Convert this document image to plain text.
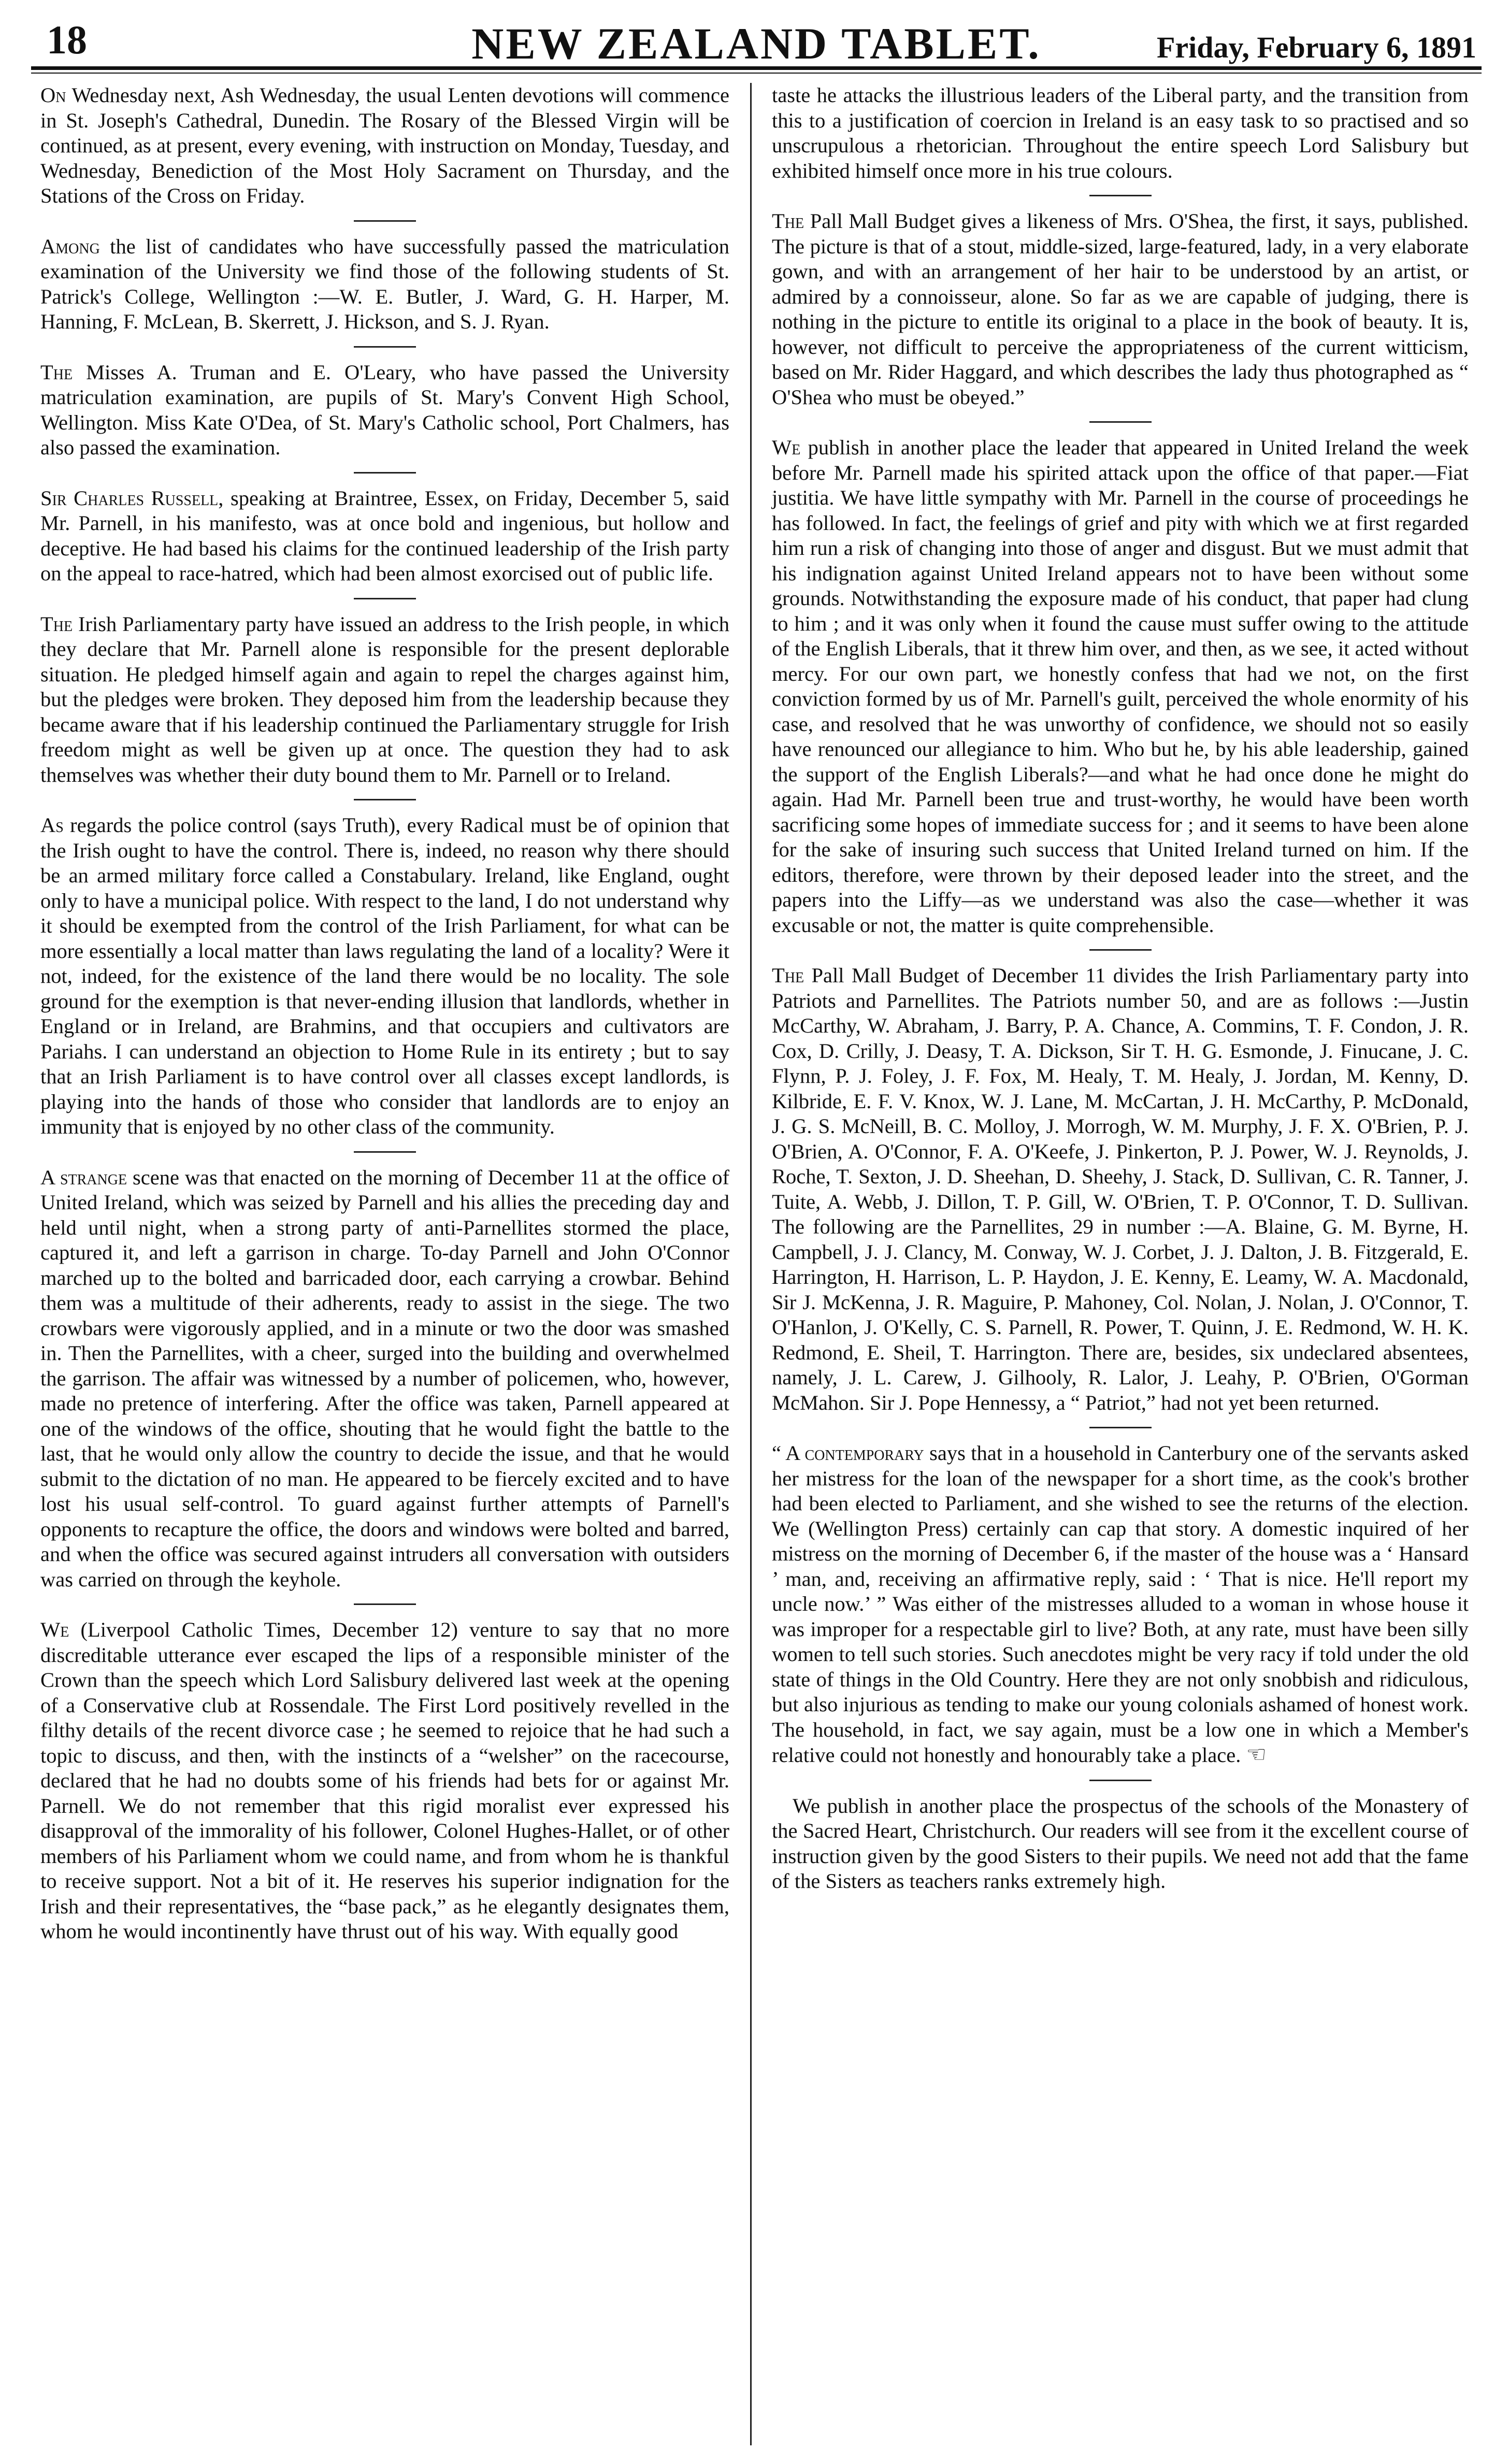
18	NEW ZEALAND TABLET.	Friday, February 6, 1891

On Wednesday next, Ash Wednesday, the usual Lenten devotions will commence in St. Joseph's Cathedral, Dunedin. The Rosary of the Blessed Virgin will be continued, as at present, every evening, with instruction on Monday, Tuesday, and Wednesday, Benediction of the Most Holy Sacrament on Thursday, and the Stations of the Cross on Friday.

Among the list of candidates who have successfully passed the matriculation examination of the University we find those of the following students of St. Patrick's College, Wellington :—W. E. Butler, J. Ward, G. H. Harper, M. Hanning, F. McLean, B. Skerrett, J. Hickson, and S. J. Ryan.

The Misses A. Truman and E. O'Leary, who have passed the University matriculation examination, are pupils of St. Mary's Convent High School, Wellington. Miss Kate O'Dea, of St. Mary's Catholic school, Port Chalmers, has also passed the examination.

Sir Charles Russell, speaking at Braintree, Essex, on Friday, December 5, said Mr. Parnell, in his manifesto, was at once bold and ingenious, but hollow and deceptive. He had based his claims for the continued leadership of the Irish party on the appeal to race-hatred, which had been almost exorcised out of public life.

The Irish Parliamentary party have issued an address to the Irish people, in which they declare that Mr. Parnell alone is responsible for the present deplorable situation. He pledged himself again and again to repel the charges against him, but the pledges were broken. They deposed him from the leadership because they became aware that if his leadership continued the Parliamentary struggle for Irish freedom might as well be given up at once. The question they had to ask themselves was whether their duty bound them to Mr. Parnell or to Ireland.

As regards the police control (says Truth), every Radical must be of opinion that the Irish ought to have the control. There is, indeed, no reason why there should be an armed military force called a Constabulary. Ireland, like England, ought only to have a municipal police. With respect to the land, I do not understand why it should be exempted from the control of the Irish Parliament, for what can be more essentially a local matter than laws regulating the land of a locality? Were it not, indeed, for the existence of the land there would be no locality. The sole ground for the exemption is that never-ending illusion that landlords, whether in England or in Ireland, are Brahmins, and that occupiers and cultivators are Pariahs. I can understand an objection to Home Rule in its entirety ; but to say that an Irish Parliament is to have control over all classes except landlords, is playing into the hands of those who consider that landlords are to enjoy an immunity that is enjoyed by no other class of the community.

A strange scene was that enacted on the morning of December 11 at the office of United Ireland, which was seized by Parnell and his allies the preceding day and held until night, when a strong party of anti-Parnellites stormed the place, captured it, and left a garrison in charge. To-day Parnell and John O'Connor marched up to the bolted and barricaded door, each carrying a crowbar. Behind them was a multitude of their adherents, ready to assist in the siege. The two crowbars were vigorously applied, and in a minute or two the door was smashed in. Then the Parnellites, with a cheer, surged into the building and overwhelmed the garrison. The affair was witnessed by a number of policemen, who, however, made no pretence of interfering. After the office was taken, Parnell appeared at one of the windows of the office, shouting that he would fight the battle to the last, that he would only allow the country to decide the issue, and that he would submit to the dictation of no man. He appeared to be fiercely excited and to have lost his usual self-control. To guard against further attempts of Parnell's opponents to recapture the office, the doors and windows were bolted and barred, and when the office was secured against intruders all conversation with outsiders was carried on through the keyhole.

We (Liverpool Catholic Times, December 12) venture to say that no more discreditable utterance ever escaped the lips of a responsible minister of the Crown than the speech which Lord Salisbury delivered last week at the opening of a Conservative club at Rossendale. The First Lord positively revelled in the filthy details of the recent divorce case ; he seemed to rejoice that he had such a topic to discuss, and then, with the instincts of a “welsher” on the racecourse, declared that he had no doubts some of his friends had bets for or against Mr. Parnell. We do not remember that this rigid moralist ever expressed his disapproval of the immorality of his follower, Colonel Hughes-Hallet, or of other members of his Parliament whom we could name, and from whom he is thankful to receive support. Not a bit of it. He reserves his superior indignation for the Irish and their representatives, the “base pack,” as he elegantly designates them, whom he would incontinently have thrust out of his way. With equally good

taste he attacks the illustrious leaders of the Liberal party, and the transition from this to a justification of coercion in Ireland is an easy task to so practised and so unscrupulous a rhetorician. Throughout the entire speech Lord Salisbury but exhibited himself once more in his true colours.

The Pall Mall Budget gives a likeness of Mrs. O'Shea, the first, it says, published. The picture is that of a stout, middle-sized, large-featured, lady, in a very elaborate gown, and with an arrangement of her hair to be understood by an artist, or admired by a connoisseur, alone. So far as we are capable of judging, there is nothing in the picture to entitle its original to a place in the book of beauty. It is, however, not difficult to perceive the appropriateness of the current witticism, based on Mr. Rider Haggard, and which describes the lady thus photographed as “ O'Shea who must be obeyed.”

We publish in another place the leader that appeared in United Ireland the week before Mr. Parnell made his spirited attack upon the office of that paper.—Fiat justitia. We have little sympathy with Mr. Parnell in the course of proceedings he has followed. In fact, the feelings of grief and pity with which we at first regarded him run a risk of changing into those of anger and disgust. But we must admit that his indignation against United Ireland appears not to have been without some grounds. Notwithstanding the exposure made of his conduct, that paper had clung to him ; and it was only when it found the cause must suffer owing to the attitude of the English Liberals, that it threw him over, and then, as we see, it acted without mercy. For our own part, we honestly confess that had we not, on the first conviction formed by us of Mr. Parnell's guilt, perceived the whole enormity of his case, and resolved that he was unworthy of confidence, we should not so easily have renounced our allegiance to him. Who but he, by his able leadership, gained the support of the English Liberals?—and what he had once done he might do again. Had Mr. Parnell been true and trust-worthy, he would have been worth sacrificing some hopes of immediate success for ; and it seems to have been alone for the sake of insuring such success that United Ireland turned on him. If the editors, therefore, were thrown by their deposed leader into the street, and the papers into the Liffy—as we understand was also the case—whether it was excusable or not, the matter is quite comprehensible.

The Pall Mall Budget of December 11 divides the Irish Parliamentary party into Patriots and Parnellites. The Patriots number 50, and are as follows :—Justin McCarthy, W. Abraham, J. Barry, P. A. Chance, A. Commins, T. F. Condon, J. R. Cox, D. Crilly, J. Deasy, T. A. Dickson, Sir T. H. G. Esmonde, J. Finucane, J. C. Flynn, P. J. Foley, J. F. Fox, M. Healy, T. M. Healy, J. Jordan, M. Kenny, D. Kilbride, E. F. V. Knox, W. J. Lane, M. McCartan, J. H. McCarthy, P. McDonald, J. G. S. McNeill, B. C. Molloy, J. Morrogh, W. M. Murphy, J. F. X. O'Brien, P. J. O'Brien, A. O'Connor, F. A. O'Keefe, J. Pinkerton, P. J. Power, W. J. Reynolds, J. Roche, T. Sexton, J. D. Sheehan, D. Sheehy, J. Stack, D. Sullivan, C. R. Tanner, J. Tuite, A. Webb, J. Dillon, T. P. Gill, W. O'Brien, T. P. O'Connor, T. D. Sullivan. The following are the Parnellites, 29 in number :—A. Blaine, G. M. Byrne, H. Campbell, J. J. Clancy, M. Conway, W. J. Corbet, J. J. Dalton, J. B. Fitzgerald, E. Harrington, H. Harrison, L. P. Haydon, J. E. Kenny, E. Leamy, W. A. Macdonald, Sir J. McKenna, J. R. Maguire, P. Mahoney, Col. Nolan, J. Nolan, J. O'Connor, T. O'Hanlon, J. O'Kelly, C. S. Parnell, R. Power, T. Quinn, J. E. Redmond, W. H. K. Redmond, E. Sheil, T. Harrington. There are, besides, six undeclared absentees, namely, J. L. Carew, J. Gilhooly, R. Lalor, J. Leahy, P. O'Brien, O'Gorman McMahon. Sir J. Pope Hennessy, a “ Patriot,” had not yet been returned.

“ A contemporary says that in a household in Canterbury one of the servants asked her mistress for the loan of the newspaper for a short time, as the cook's brother had been elected to Parliament, and she wished to see the returns of the election. We (Wellington Press) certainly can cap that story. A domestic inquired of her mistress on the morning of December 6, if the master of the house was a ‘ Hansard ’ man, and, receiving an affirmative reply, said : ‘ That is nice. He'll report my uncle now.’ ” Was either of the mistresses alluded to a woman in whose house it was improper for a respectable girl to live? Both, at any rate, must have been silly women to tell such stories. Such anecdotes might be very racy if told under the old state of things in the Old Country. Here they are not only snobbish and ridiculous, but also injurious as tending to make our young colonials ashamed of honest work. The household, in fact, we say again, must be a low one in which a Member's relative could not honestly and honourably take a place. ☜

We publish in another place the prospectus of the schools of the Monastery of the Sacred Heart, Christchurch. Our readers will see from it the excellent course of instruction given by the good Sisters to their pupils. We need not add that the fame of the Sisters as teachers ranks extremely high.
